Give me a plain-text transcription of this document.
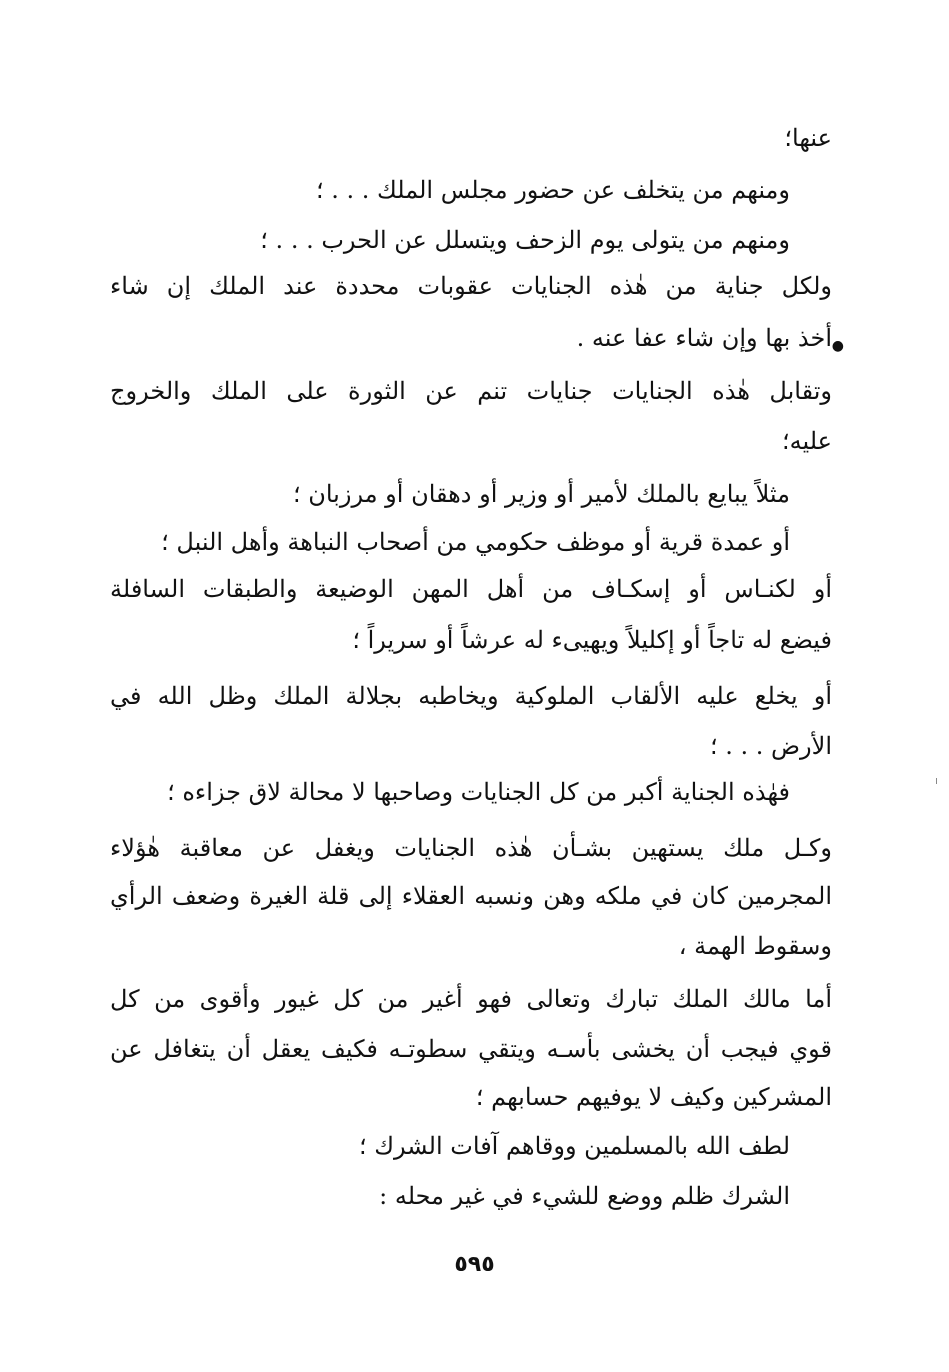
عنها؛
ومنهم من يتخلف عن حضور مجلس الملك . . . ؛
ومنهم من يتولى يوم الزحف ويتسلل عن الحرب . . . ؛
ولكل جناية من هٰذه الجنايات عقوبات محددة عند الملك إن شاء
أخذ بها وإن شاء عفا عنه . ●
وتقابل هٰذه الجنايات جنايات تنم عن الثورة على الملك والخروج
عليه؛
مثلاً يبايع بالملك لأمير أو وزير أو دهقان أو مرزبان ؛
أو عمدة قرية أو موظف حكومي من أصحاب النباهة وأهل النبل ؛
أو لكنـاس أو إسكـاف من أهل المهن الوضيعة والطبقات السافلة
فيضع له تاجاً أو إكليلاً ويهيىء له عرشاً أو سريراً ؛
أو يخلع عليه الألقاب الملوكية ويخاطبه بجلالة الملك وظل الله في
الأرض . . . ؛
فهٰذه الجناية أكبر من كل الجنايات وصاحبها لا محالة لاق جزاءه ؛
وكـل ملك يستهين بشـأن هٰذه الجنايات ويغفل عن معاقبة هٰؤلاء
المجرمين كان في ملكه وهن ونسبه العقلاء إلى قلة الغيرة وضعف الرأي
وسقوط الهمة ،
أما مالك الملك تبارك وتعالى فهو أغير من كل غيور وأقوى من كل
قوي فيجب أن يخشى بأسـه ويتقي سطوتـه فكيف يعقل أن يتغافل عن
المشركين وكيف لا يوفيهم حسابهم ؛
لطف الله بالمسلمين ووقاهم آفات الشرك ؛
الشرك ظلم ووضع للشيء في غير محله :
٥٩٥
